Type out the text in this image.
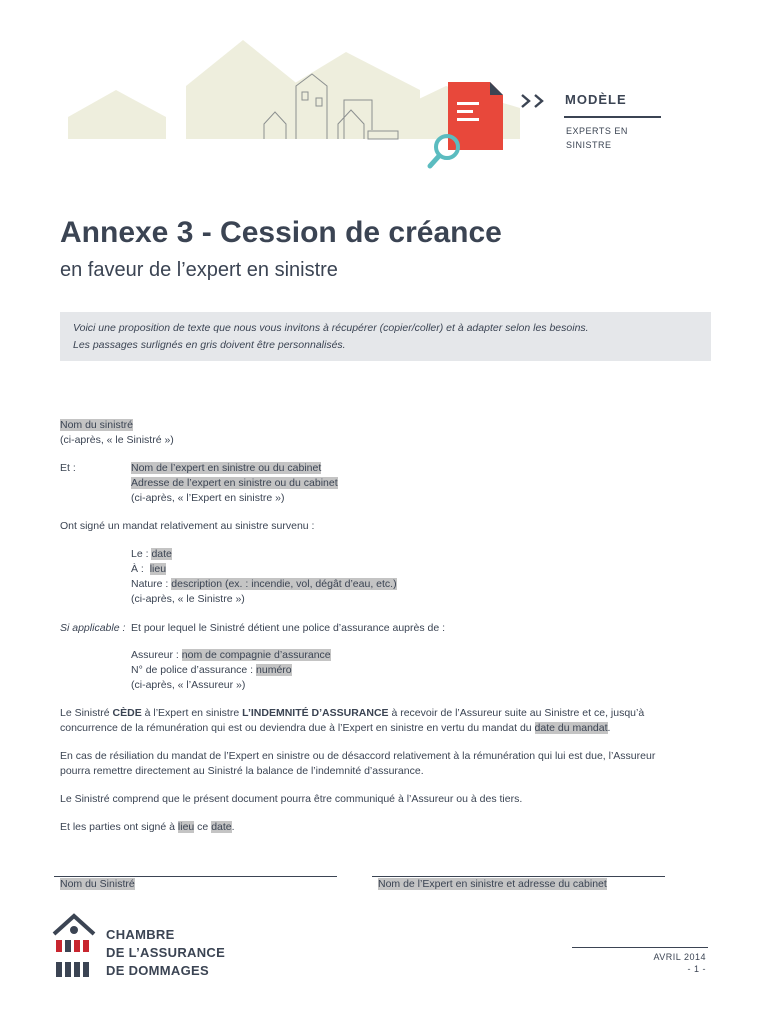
MODÈLE
EXPERTS EN
SINISTRE
Annexe 3 - Cession de créance
en faveur de l’expert en sinistre
Voici une proposition de texte que nous vous invitons à récupérer (copier/coller) et à adapter selon les besoins.
Les passages surlignés en gris doivent être personnalisés.
Nom du sinistré
(ci-après, « le Sinistré »)
Et :	Nom de l’expert en sinistre ou du cabinet
Adresse de l’expert en sinistre ou du cabinet
(ci-après, « l’Expert en sinistre »)
Ont signé un mandat relativement au sinistre survenu :
Le : date
À :  lieu
Nature : description (ex. : incendie, vol, dégât d’eau, etc.)
(ci-après, « le Sinistre »)
Si applicable : Et pour lequel le Sinistré détient une police d’assurance auprès de :
Assureur : nom de compagnie d’assurance
N° de police d’assurance : numéro
(ci-après, « l’Assureur »)
Le Sinistré CÈDE à l’Expert en sinistre L’INDEMNITÉ D’ASSURANCE à recevoir de l’Assureur suite au Sinistre et ce, jusqu’à
concurrence de la rémunération qui est ou deviendra due à l’Expert en sinistre en vertu du mandat du date du mandat.
En cas de résiliation du mandat de l’Expert en sinistre ou de désaccord relativement à la rémunération qui lui est due, l’Assureur
pourra remettre directement au Sinistré la balance de l’indemnité d’assurance.
Le Sinistré comprend que le présent document pourra être communiqué à l’Assureur ou à des tiers.
Et les parties ont signé à lieu ce date.
Nom du Sinistré	Nom de l’Expert en sinistre et adresse du cabinet
CHAMBRE
DE L’ASSURANCE
DE DOMMAGES
AVRIL 2014
- 1 -
